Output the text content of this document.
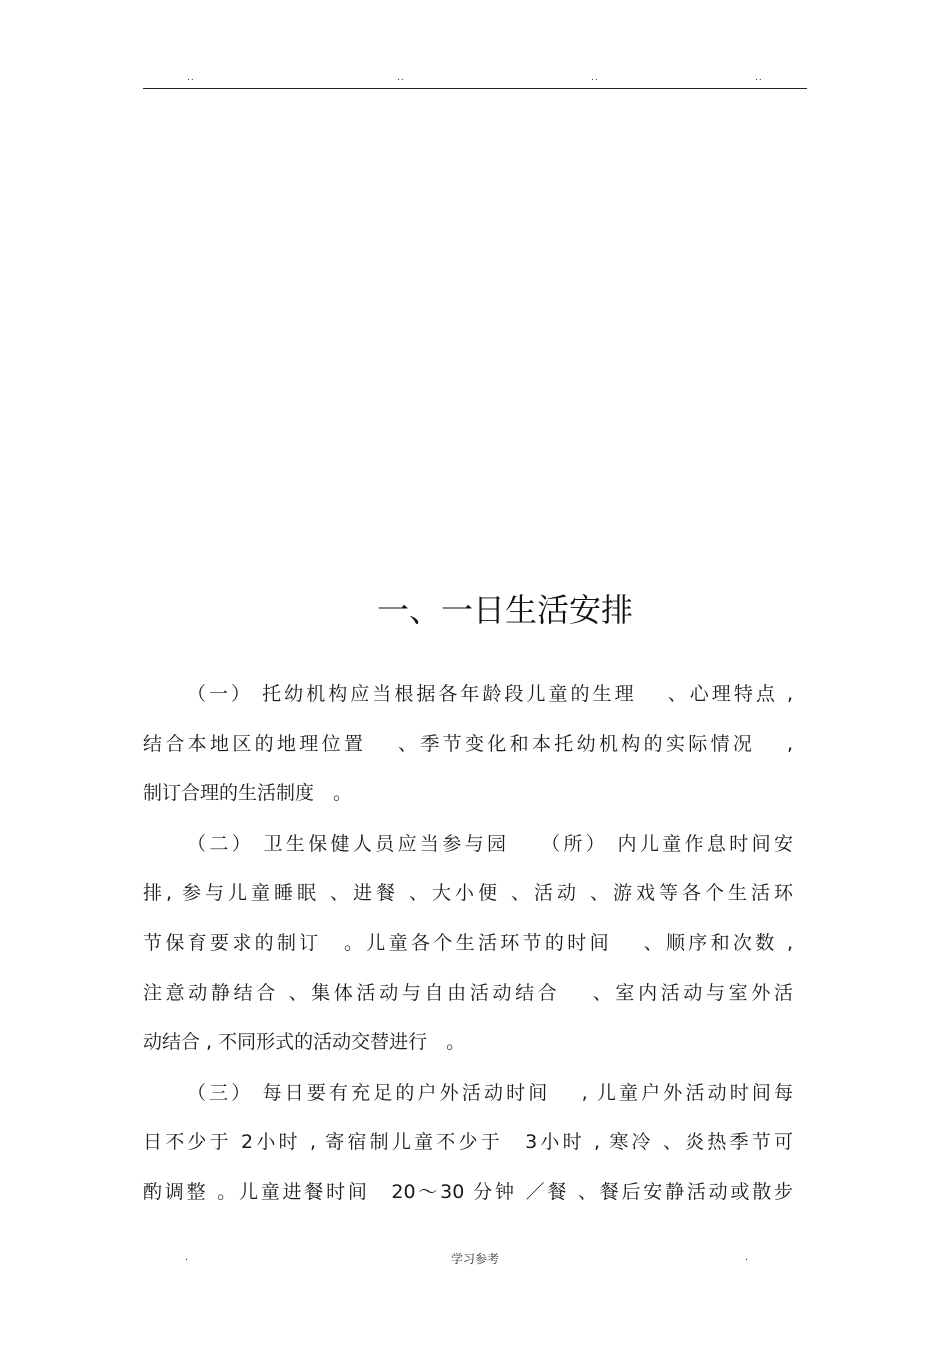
..	..	..	..
一、一日生活安排
（一） 托幼机构应当根据各年龄段儿童的生理　 、心理特点 ,
结合本地区的地理位置　 、季节变化和本托幼机构的实际情况　 ,
制订合理的生活制度　。
（二） 卫生保健人员应当参与园　 （所） 内儿童作息时间安
排, 参与儿童睡眠 、进餐 、大小便 、活动 、游戏等各个生活环
节保育要求的制订　。儿童各个生活环节的时间　 、顺序和次数 ,
注意动静结合 、集体活动与自由活动结合　 、室内活动与室外活
动结合 , 不同形式的活动交替进行　。
（三） 每日要有充足的户外活动时间　 , 儿童户外活动时间每
日不少于 2小时 , 寄宿制儿童不少于　3小时 , 寒冷 、炎热季节可
酌调整 。儿童进餐时间　20～30 分钟 ／餐 、餐后安静活动或散步
.	学习参考	.
